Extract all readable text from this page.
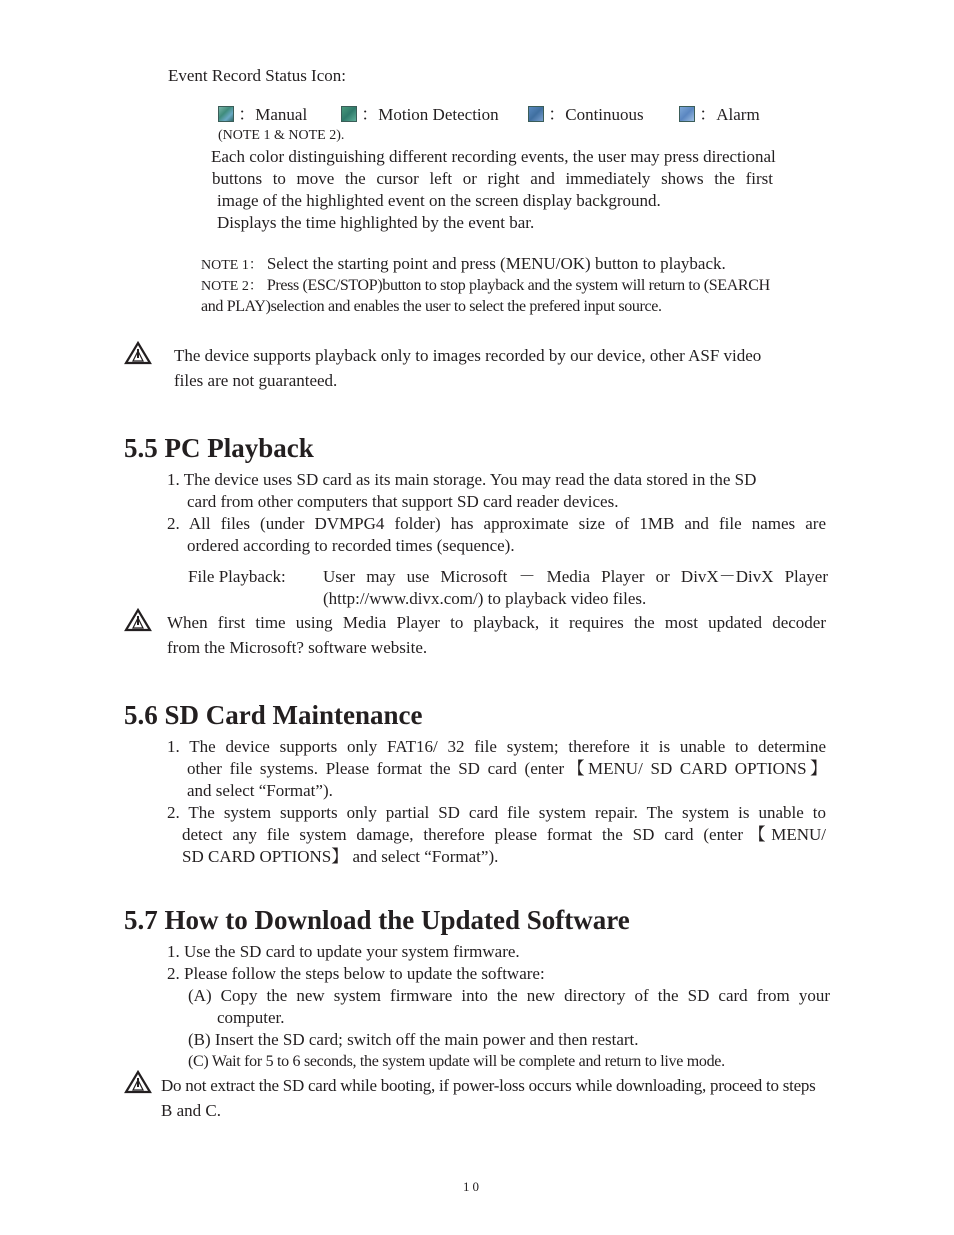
Event Record Status Icon:
：Manual	：Motion Detection	：Continuous	：Alarm
(NOTE 1 & NOTE 2).
Each color distinguishing different recording events, the user may press directional
buttons to move the cursor left or right and immediately shows the first
image of the highlighted event on the screen display background.
Displays the time highlighted by the event bar.
NOTE 1： Select the starting point and press (MENU/OK) button to playback.
NOTE 2： Press (ESC/STOP)button to stop playback and the system will return to (SEARCH
and PLAY)selection and enables the user to select the prefered input source.
The device supports playback only to images recorded by our device, other ASF video
files are not guaranteed.
5.5 PC Playback
1. The device uses SD card as its main storage. You may read the data stored in the SD
card from other computers that support SD card reader devices.
2. All files (under DVMPG4 folder) has approximate size of 1MB and file names are
ordered according to recorded times (sequence).
File Playback: User may use Microsoft － Media Player or DivX－DivX Player
(http://www.divx.com/) to playback video files.
When first time using Media Player to playback, it requires the most updated decoder
from the Microsoft? software website.
5.6 SD Card Maintenance
1. The device supports only FAT16/ 32 file system; therefore it is unable to determine
other file systems. Please format the SD card (enter【MENU/ SD CARD OPTIONS】
and select “Format”).
2. The system supports only partial SD card file system repair. The system is unable to
detect any file system damage, therefore please format the SD card (enter【MENU/
SD CARD OPTIONS】 and select “Format”).
5.7 How to Download the Updated Software
1. Use the SD card to update your system firmware.
2. Please follow the steps below to update the software:
(A) Copy the new system firmware into the new directory of the SD card from your
computer.
(B) Insert the SD card; switch off the main power and then restart.
(C) Wait for 5 to 6 seconds, the system update will be complete and return to live mode.
Do not extract the SD card while booting, if power-loss occurs while downloading, proceed to steps
B and C.
10
